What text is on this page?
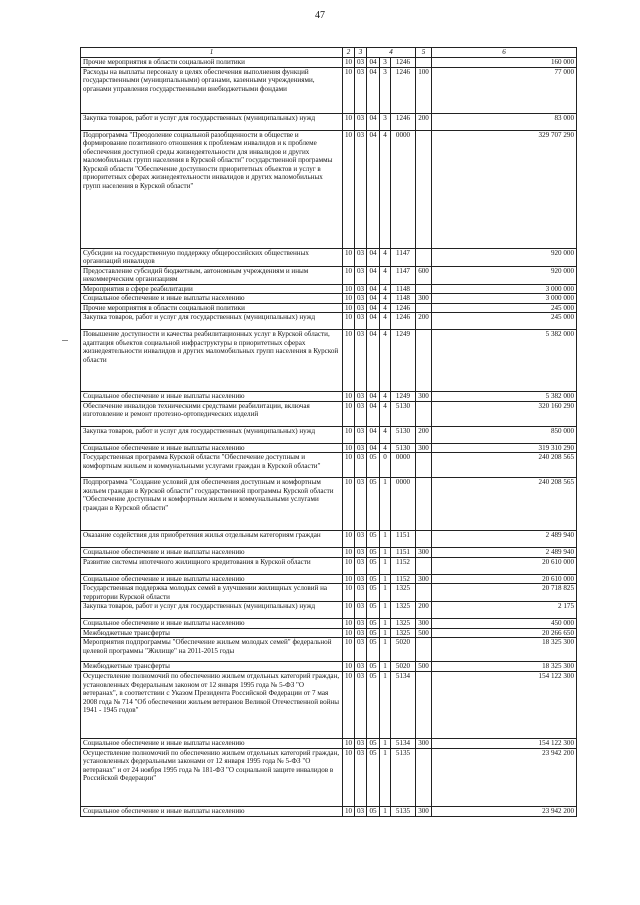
47
1	2	3	4			5	6
Прочие мероприятия в области социальной политики	10	03	04	3	1246		160 000
Расходы на выплаты персоналу в целях обеспечения выполнения функций государственными (муниципальными) органами, казенными учреждениями, органами управления государственными внебюджетными фондами	10	03	04	3	1246	100	77 000
Закупка товаров, работ и услуг для государственных (муниципальных) нужд	10	03	04	3	1246	200	83 000
Подпрограмма "Преодоление социальной разобщенности в обществе и формирование позитивного отношения к проблемам инвалидов и к проблеме обеспечения доступной среды жизнедеятельности для инвалидов и других маломобильных групп населения в Курской области" государственной программы Курской области "Обеспечение доступности приоритетных объектов и услуг в приоритетных сферах жизнедеятельности инвалидов и других маломобильных групп населения в Курской области"	10	03	04	4	0000		329 707 290
Субсидии на государственную поддержку общероссийских общественных организаций инвалидов	10	03	04	4	1147		920 000
Предоставление субсидий бюджетным, автономным учреждениям и иным некоммерческим организациям	10	03	04	4	1147	600	920 000
Мероприятия в сфере реабилитации	10	03	04	4	1148		3 000 000
Социальное обеспечение и иные выплаты населению	10	03	04	4	1148	300	3 000 000
Прочие мероприятия в области социальной политики	10	03	04	4	1246		245 000
Закупка товаров, работ и услуг для государственных (муниципальных) нужд	10	03	04	4	1246	200	245 000
Повышение доступности и качества реабилитационных услуг в Курской области, адаптация объектов социальной инфраструктуры в приоритетных сферах жизнедеятельности инвалидов и других маломобильных групп населения в Курской области	10	03	04	4	1249		5 382 000
Социальное обеспечение и иные выплаты населению	10	03	04	4	1249	300	5 382 000
Обеспечение инвалидов техническими средствами реабилитации, включая изготовление и ремонт протезно-ортопедических изделий	10	03	04	4	5130		320 160 290
Закупка товаров, работ и услуг для государственных (муниципальных) нужд	10	03	04	4	5130	200	850 000
Социальное обеспечение и иные выплаты населению	10	03	04	4	5130	300	319 310 290
Государственная программа Курской области "Обеспечение доступным и комфортным жильем и коммунальными услугами граждан в Курской области"	10	03	05	0	0000		240 208 565
Подпрограмма "Создание условий для обеспечения доступным и комфортным жильем граждан в Курской области" государственной программы Курской области "Обеспечение доступным и комфортным жильем и коммунальными услугами граждан в Курской области"	10	03	05	1	0000		240 208 565
Оказание содействия для приобретения жилья отдельным категориям граждан	10	03	05	1	1151		2 489 940
Социальное обеспечение и иные выплаты населению	10	03	05	1	1151	300	2 489 940
Развитие системы ипотечного жилищного кредитования в Курской области	10	03	05	1	1152		20 610 000
Социальное обеспечение и иные выплаты населению	10	03	05	1	1152	300	20 610 000
Государственная поддержка молодых семей в улучшении жилищных условий на территории Курской области	10	03	05	1	1325		20 718 825
Закупка товаров, работ и услуг для государственных (муниципальных) нужд	10	03	05	1	1325	200	2 175
Социальное обеспечение и иные выплаты населению	10	03	05	1	1325	300	450 000
Межбюджетные трансферты	10	03	05	1	1325	500	20 266 650
Мероприятия подпрограммы "Обеспечение жильем молодых семей" федеральной целевой программы "Жилище" на 2011-2015 годы	10	03	05	1	5020		18 325 300
Межбюджетные трансферты	10	03	05	1	5020	500	18 325 300
Осуществление полномочий по обеспечению жильем отдельных категорий граждан, установленных Федеральным законом от 12 января 1995 года № 5-ФЗ "О ветеранах", в соответствии с Указом Президента Российской Федерации от 7 мая 2008 года № 714 "Об обеспечении жильем ветеранов Великой Отечественной войны 1941 - 1945 годов"	10	03	05	1	5134		154 122 300
Социальное обеспечение и иные выплаты населению	10	03	05	1	5134	300	154 122 300
Осуществление полномочий по обеспечению жильем отдельных категорий граждан, установленных федеральными законами от 12 января 1995 года № 5-ФЗ "О ветеранах" и от 24 ноября 1995 года № 181-ФЗ "О социальной защите инвалидов в Российской Федерации"	10	03	05	1	5135		23 942 200
Социальное обеспечение и иные выплаты населению	10	03	05	1	5135	300	23 942 200
